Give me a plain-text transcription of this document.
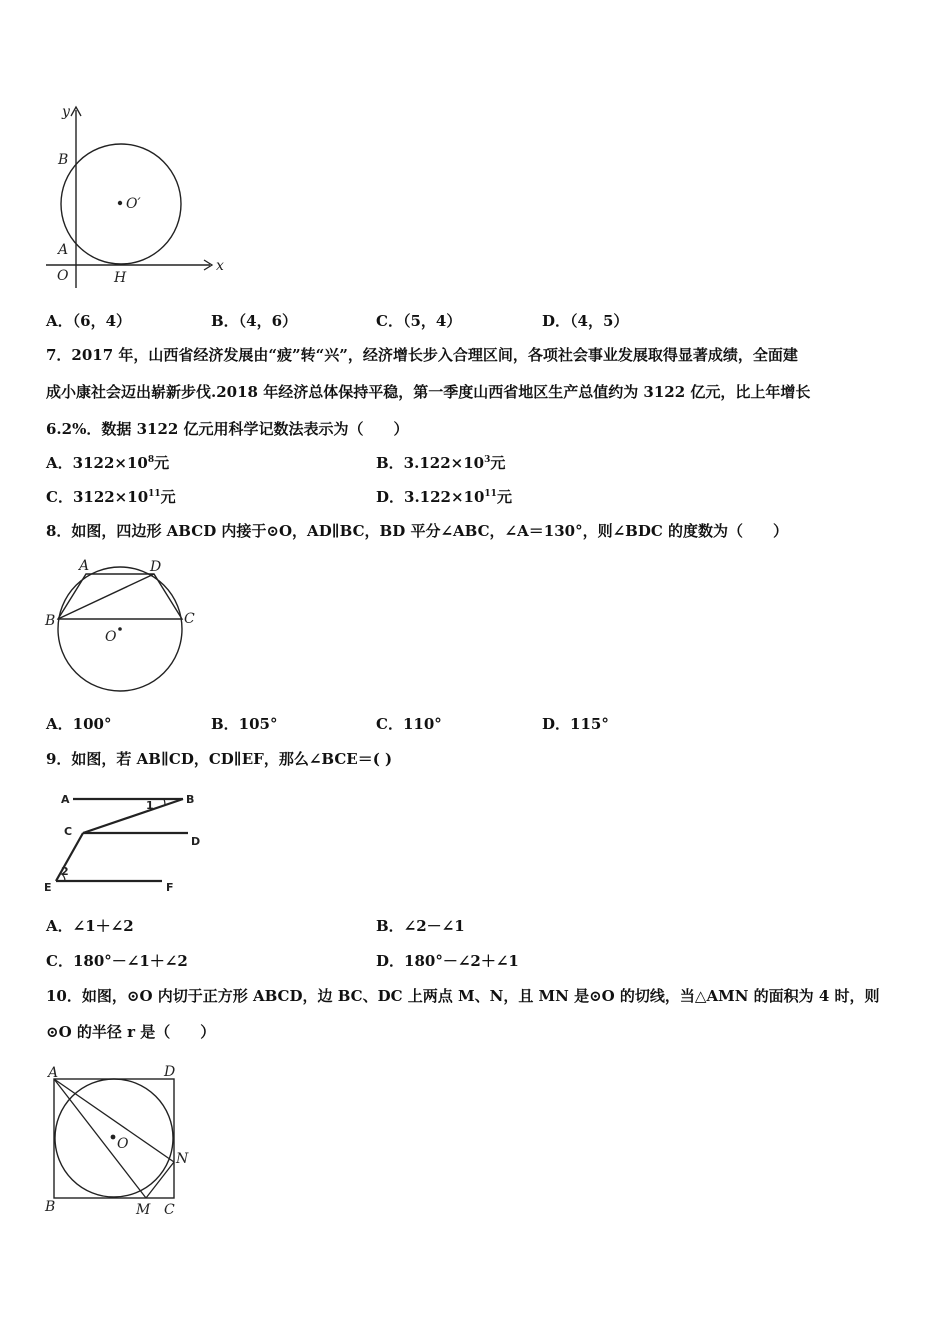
y
B
O′
A
O	H
x
A．（6，4）	B．（4，6）	C．（5，4）	D．（4，5）
7．2017 年，山西省经济发展由“疲”转“兴”，经济增长步入合理区间，各项社会事业发展取得显著成绩，全面建
成小康社会迈出崭新步伐.2018 年经济总体保持平稳，第一季度山西省地区生产总值约为 3122 亿元，比上年增长
6.2%．数据 3122 亿元用科学记数法表示为（　　）
A．$3122\times 10^8$元	B．$3.122\times 10^3$元
C．$3122\times 10^{11}$元	D．$3.122\times 10^{11}$元
8．如图，四边形 ABCD 内接于⊙O，AD∥BC，BD 平分∠ABC，∠A＝130°，则∠BDC 的度数为（　　）
A	D
B	C
O
A．100°	B．105°	C．110°	D．115°
9．如图，若 AB∥CD，CD∥EF，那么∠BCE＝( )
A	B
1
C
D
2
E	F
A．∠1＋∠2	B．∠2－∠1
C．180°－∠1＋∠2	D．180°－∠2＋∠1
10．如图，⊙O 内切于正方形 ABCD，边 BC、DC 上两点 M、N，且 MN 是⊙O 的切线，当△AMN 的面积为 4 时，则
⊙O 的半径 r 是（　　）
A	D
O
N
B	M C
